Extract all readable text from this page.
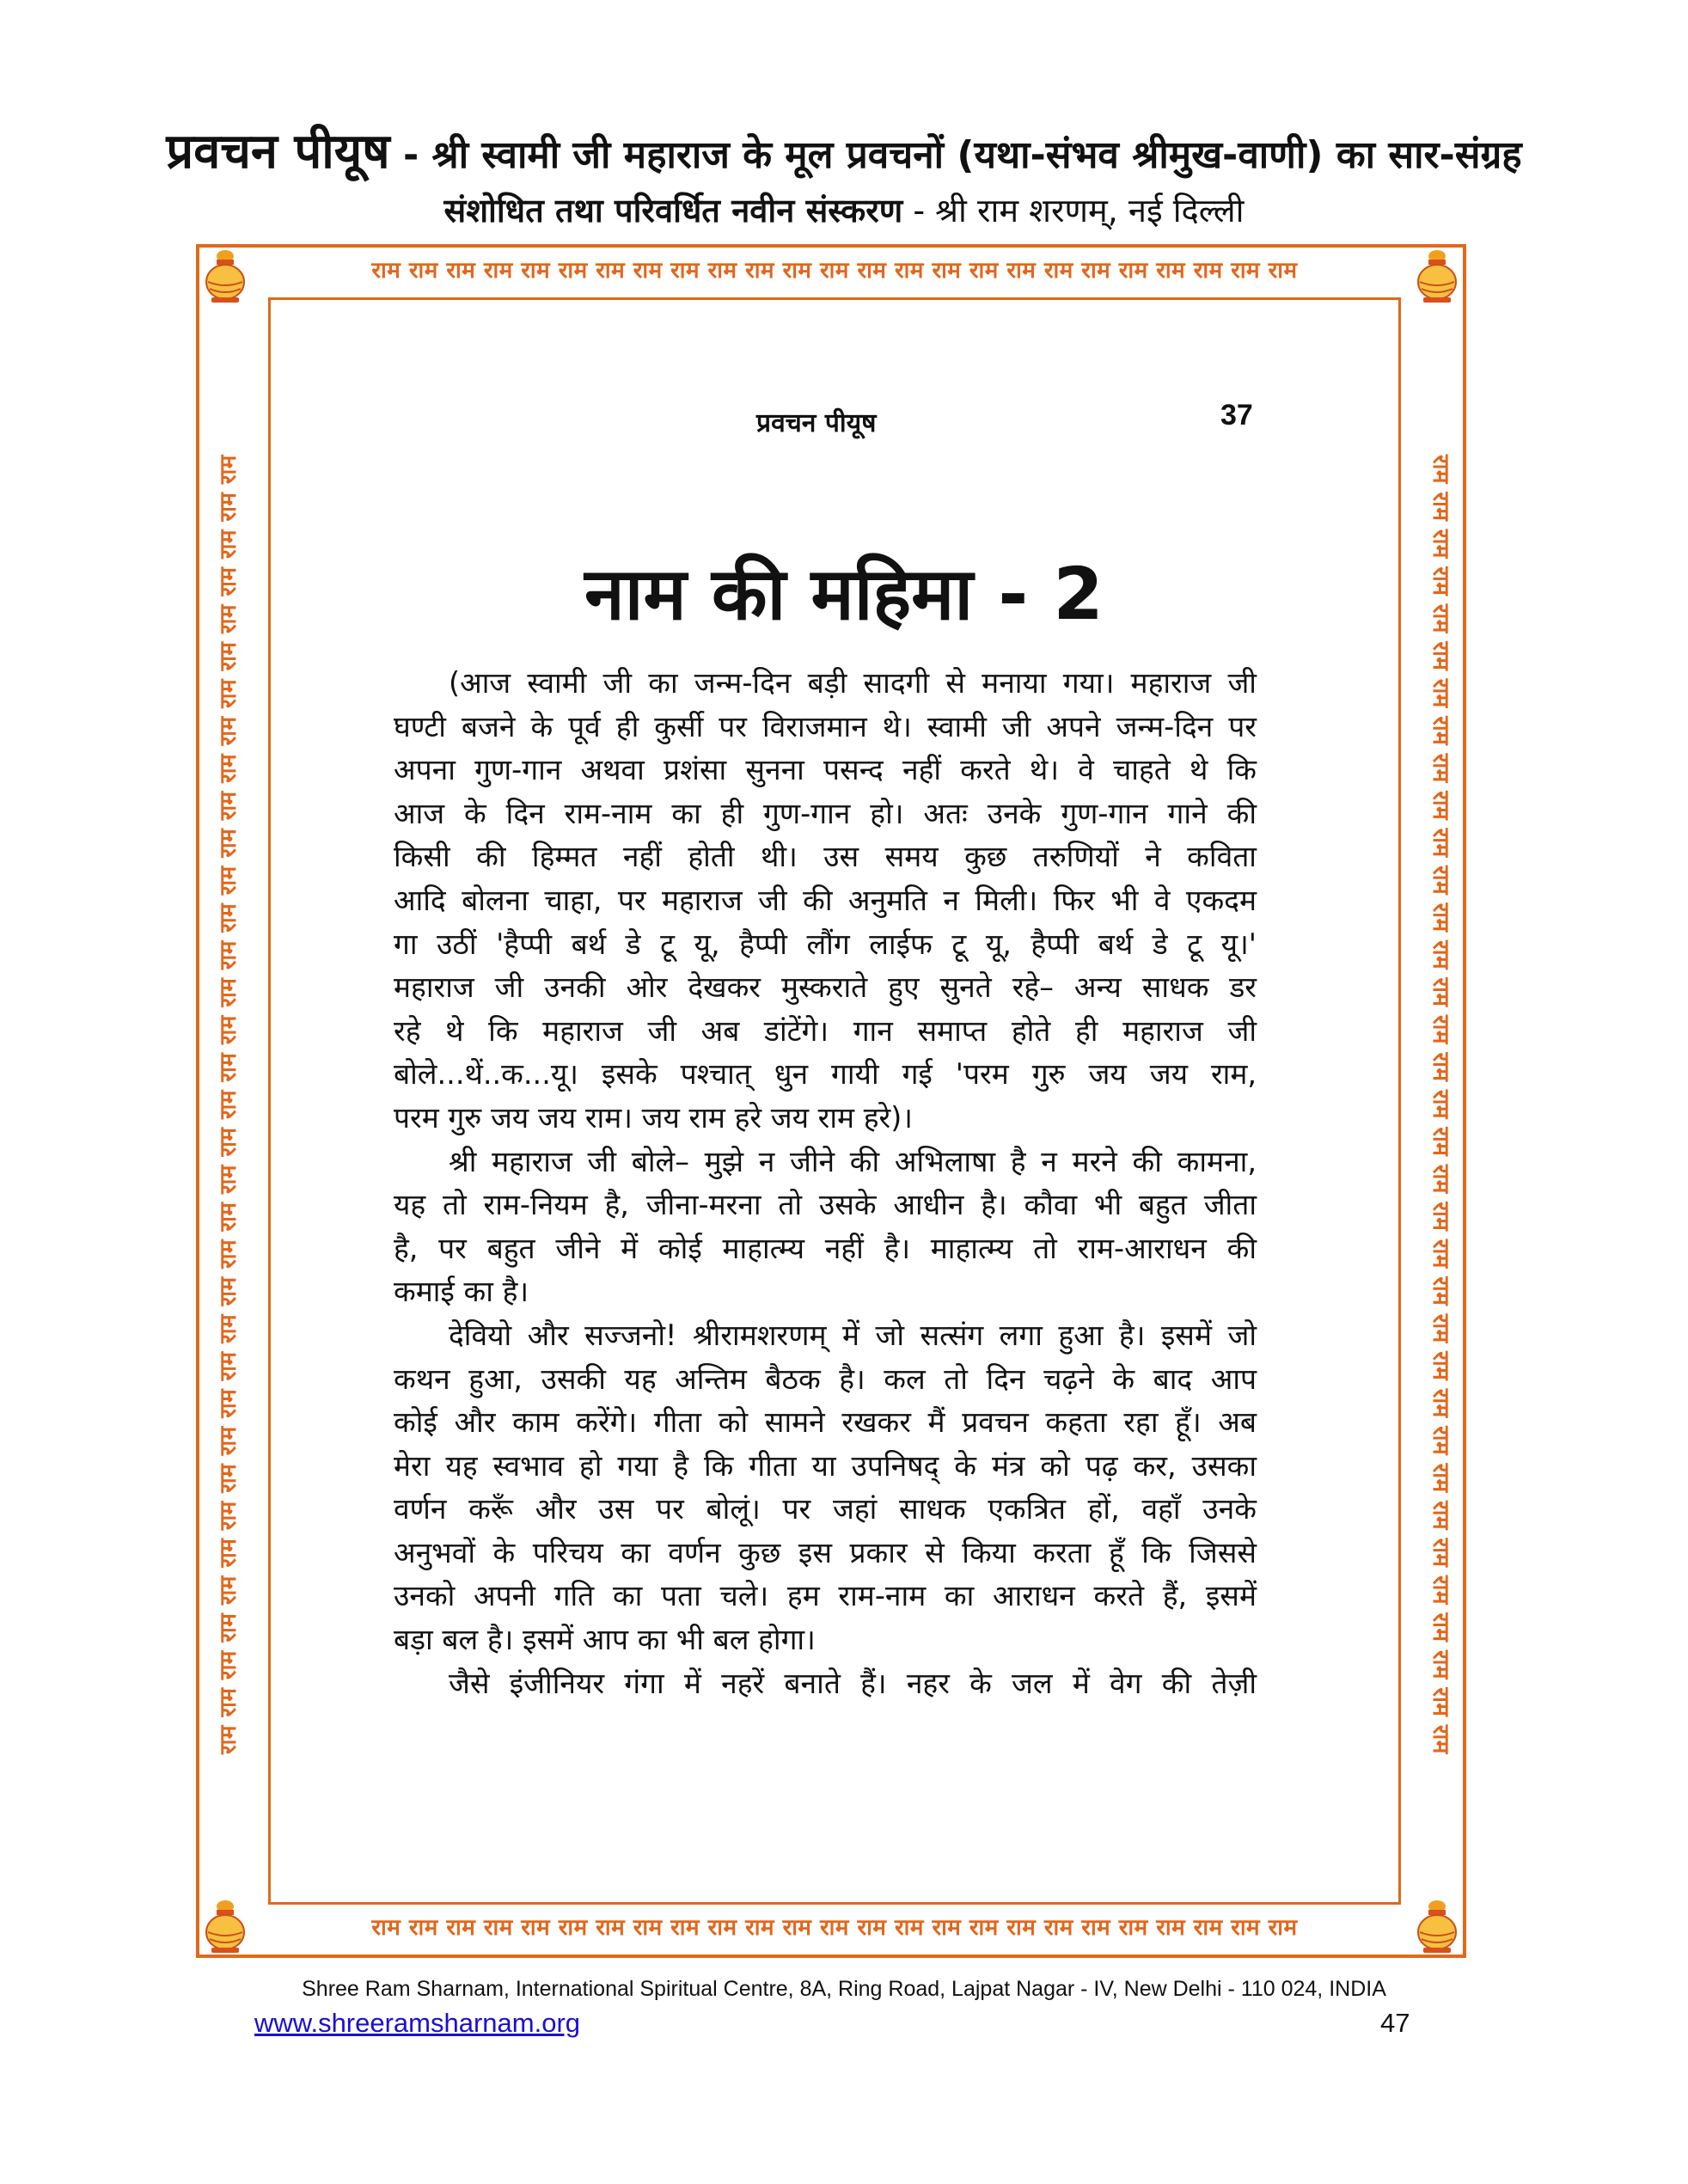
प्रवचन पीयूष - श्री स्वामी जी महाराज के मूल प्रवचनों (यथा-संभव श्रीमुख-वाणी) का सार-संग्रह
संशोधित तथा परिवर्धित नवीन संस्करण - श्री राम शरणम्, नई दिल्ली
राम राम राम राम राम राम राम राम राम राम राम राम राम राम राम राम राम राम राम राम राम राम राम राम राम
राम राम राम राम राम राम राम राम राम राम राम राम राम राम राम राम राम राम राम राम राम राम राम राम राम
राम राम राम राम राम राम राम राम राम राम राम राम राम राम राम राम राम राम राम राम राम राम राम राम राम राम राम राम राम राम राम राम राम राम राम	राम राम राम राम राम राम राम राम राम राम राम राम राम राम राम राम राम राम राम राम राम राम राम राम राम राम राम राम राम राम राम राम राम राम राम
प्रवचन पीयूष	37
नाम की महिमा - 2

(आज स्वामी जी का जन्म-दिन बड़ी सादगी से मनाया गया। महाराज जी

घण्टी बजने के पूर्व ही कुर्सी पर विराजमान थे। स्वामी जी अपने जन्म-दिन पर

अपना गुण-गान अथवा प्रशंसा सुनना पसन्द नहीं करते थे। वे चाहते थे कि

आज के दिन राम-नाम का ही गुण-गान हो। अतः उनके गुण-गान गाने की

किसी की हिम्मत नहीं होती थी। उस समय कुछ तरुणियों ने कविता

आदि बोलना चाहा, पर महाराज जी की अनुमति न मिली। फिर भी वे एकदम

गा उठीं 'हैप्पी बर्थ डे टू यू, हैप्पी लौंग लाईफ टू यू, हैप्पी बर्थ डे टू यू।'

महाराज जी उनकी ओर देखकर मुस्कराते हुए सुनते रहे– अन्य साधक डर

रहे थे कि महाराज जी अब डांटेंगे। गान समाप्त होते ही महाराज जी

बोले...थें..क...यू। इसके पश्चात् धुन गायी गई 'परम गुरु जय जय राम,

परम गुरु जय जय राम। जय राम हरे जय राम हरे)।

श्री महाराज जी बोले– मुझे न जीने की अभिलाषा है न मरने की कामना,

यह तो राम-नियम है, जीना-मरना तो उसके आधीन है। कौवा भी बहुत जीता

है, पर बहुत जीने में कोई माहात्म्य नहीं है। माहात्म्य तो राम-आराधन की

कमाई का है।

देवियो और सज्जनो! श्रीरामशरणम् में जो सत्संग लगा हुआ है। इसमें जो

कथन हुआ, उसकी यह अन्तिम बैठक है। कल तो दिन चढ़ने के बाद आप

कोई और काम करेंगे। गीता को सामने रखकर मैं प्रवचन कहता रहा हूँ। अब

मेरा यह स्वभाव हो गया है कि गीता या उपनिषद् के मंत्र को पढ़ कर, उसका

वर्णन करूँ और उस पर बोलूं। पर जहां साधक एकत्रित हों, वहाँ उनके

अनुभवों के परिचय का वर्णन कुछ इस प्रकार से किया करता हूँ कि जिससे

उनको अपनी गति का पता चले। हम राम-नाम का आराधन करते हैं, इसमें

बड़ा बल है। इसमें आप का भी बल होगा।

जैसे इंजीनियर गंगा में नहरें बनाते हैं। नहर के जल में वेग की तेज़ी

Shree Ram Sharnam, International Spiritual Centre, 8A, Ring Road, Lajpat Nagar - IV, New Delhi - 110 024, INDIA
www.shreeramsharnam.org	47
